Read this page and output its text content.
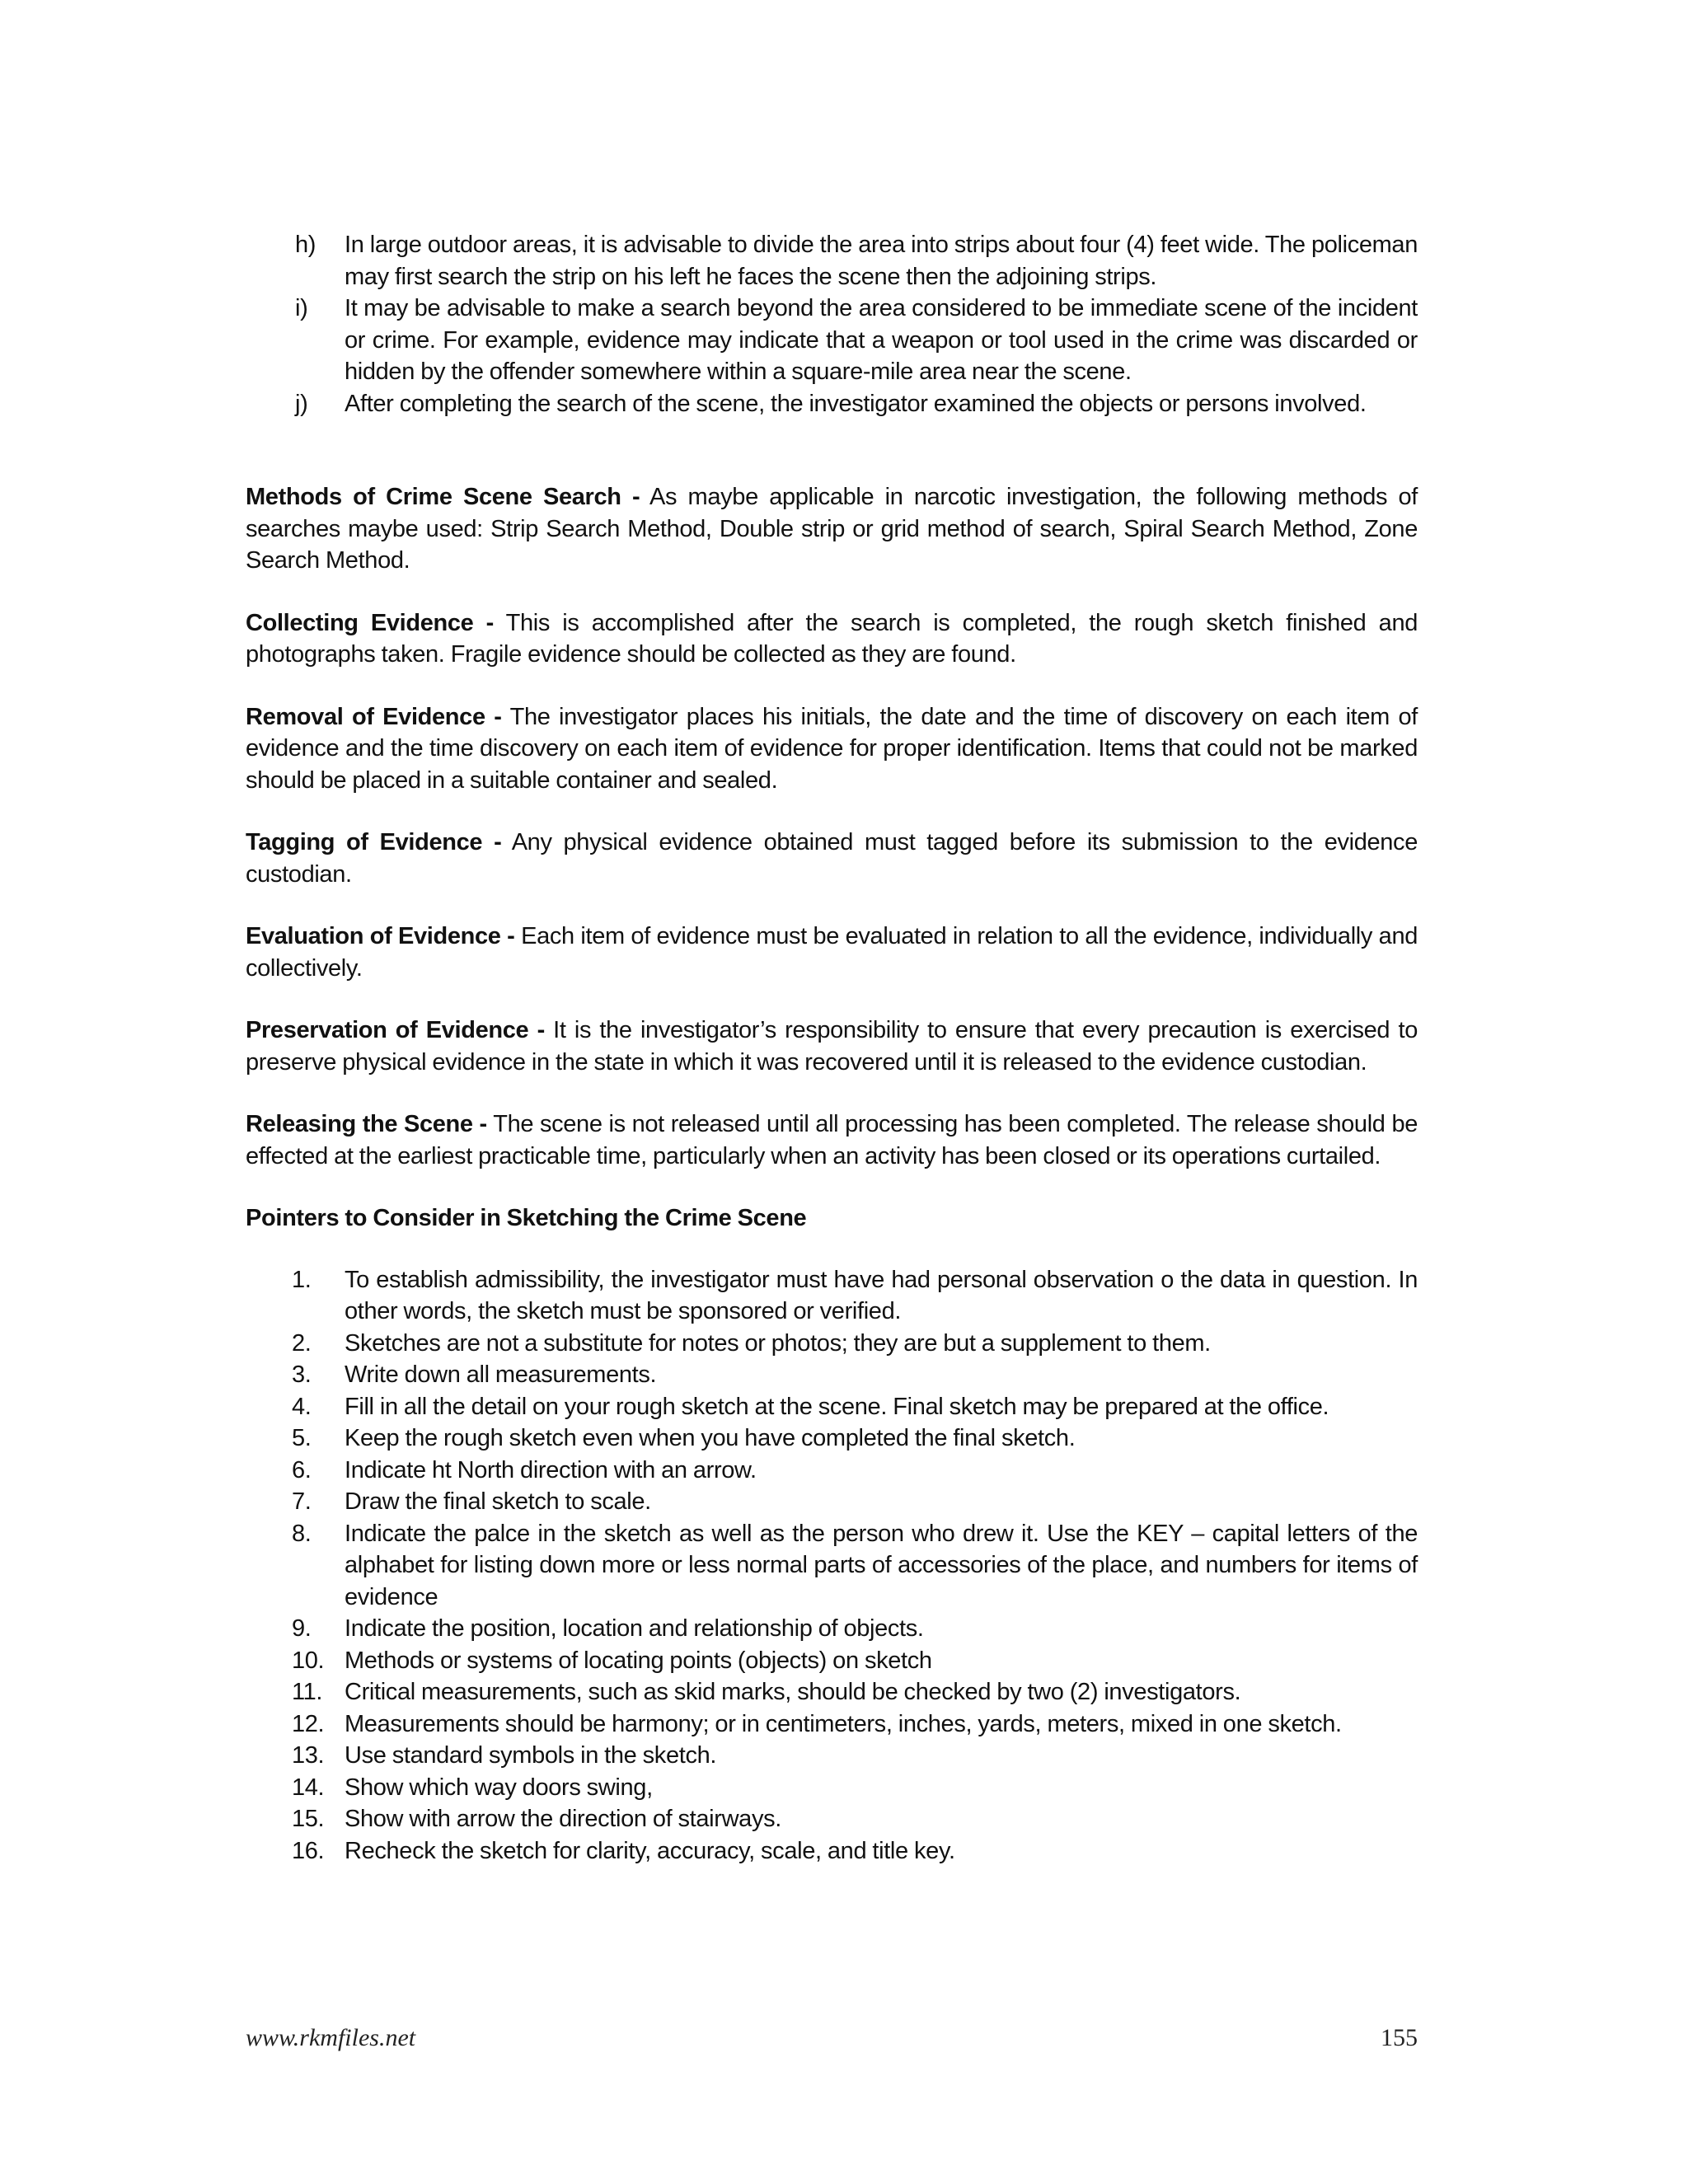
h)	In large outdoor areas, it is advisable to divide the area into strips about four (4) feet wide. The policeman may first search the strip on his left he faces the scene then the adjoining strips.
i)	It may be advisable to make a search beyond the area considered to be immediate scene of the incident or crime. For example, evidence may indicate that a weapon or tool used in the crime was discarded or hidden by the offender somewhere within a square-mile area near the scene.
j)	After completing the search of the scene, the investigator examined the objects or persons involved.

Methods of Crime Scene Search - As maybe applicable in narcotic investigation, the following methods of searches maybe used: Strip Search Method, Double strip or grid method of search, Spiral Search Method, Zone Search Method.

Collecting Evidence - This is accomplished after the search is completed, the rough sketch finished and photographs taken. Fragile evidence should be collected as they are found.

Removal of Evidence - The investigator places his initials, the date and the time of discovery on each item of evidence and the time discovery on each item of evidence for proper identification. Items that could not be marked should be placed in a suitable container and sealed.

Tagging of Evidence - Any physical evidence obtained must tagged before its submission to the evidence custodian.

Evaluation of Evidence - Each item of evidence must be evaluated in relation to all the evidence, individually and collectively.

Preservation of Evidence - It is the investigator’s responsibility to ensure that every precaution is exercised to preserve physical evidence in the state in which it was recovered until it is released to the evidence custodian.

Releasing the Scene - The scene is not released until all processing has been completed. The release should be effected at the earliest practicable time, particularly when an activity has been closed or its operations curtailed.

Pointers to Consider in Sketching the Crime Scene

1.	To establish admissibility, the investigator must have had personal observation o the data in question. In other words, the sketch must be sponsored or verified.
2.	Sketches are not a substitute for notes or photos; they are but a supplement to them.
3.	Write down all measurements.
4.	Fill in all the detail on your rough sketch at the scene. Final sketch may be prepared at the office.
5.	Keep the rough sketch even when you have completed the final sketch.
6.	Indicate ht North direction with an arrow.
7.	Draw the final sketch to scale.
8.	Indicate the palce in the sketch as well as the person who drew it. Use the KEY – capital letters of the alphabet for listing down more or less normal parts of accessories of the place, and numbers for items of evidence
9.	Indicate the position, location and relationship of objects.
10. Methods or systems of locating points (objects) on sketch
11. Critical measurements, such as skid marks, should be checked by two (2) investigators.
12. Measurements should be harmony; or in centimeters, inches, yards, meters, mixed in one sketch.
13. Use standard symbols in the sketch.
14. Show which way doors swing,
15. Show with arrow the direction of stairways.
16. Recheck the sketch for clarity, accuracy, scale, and title key.
www.rkmfiles.net	155
